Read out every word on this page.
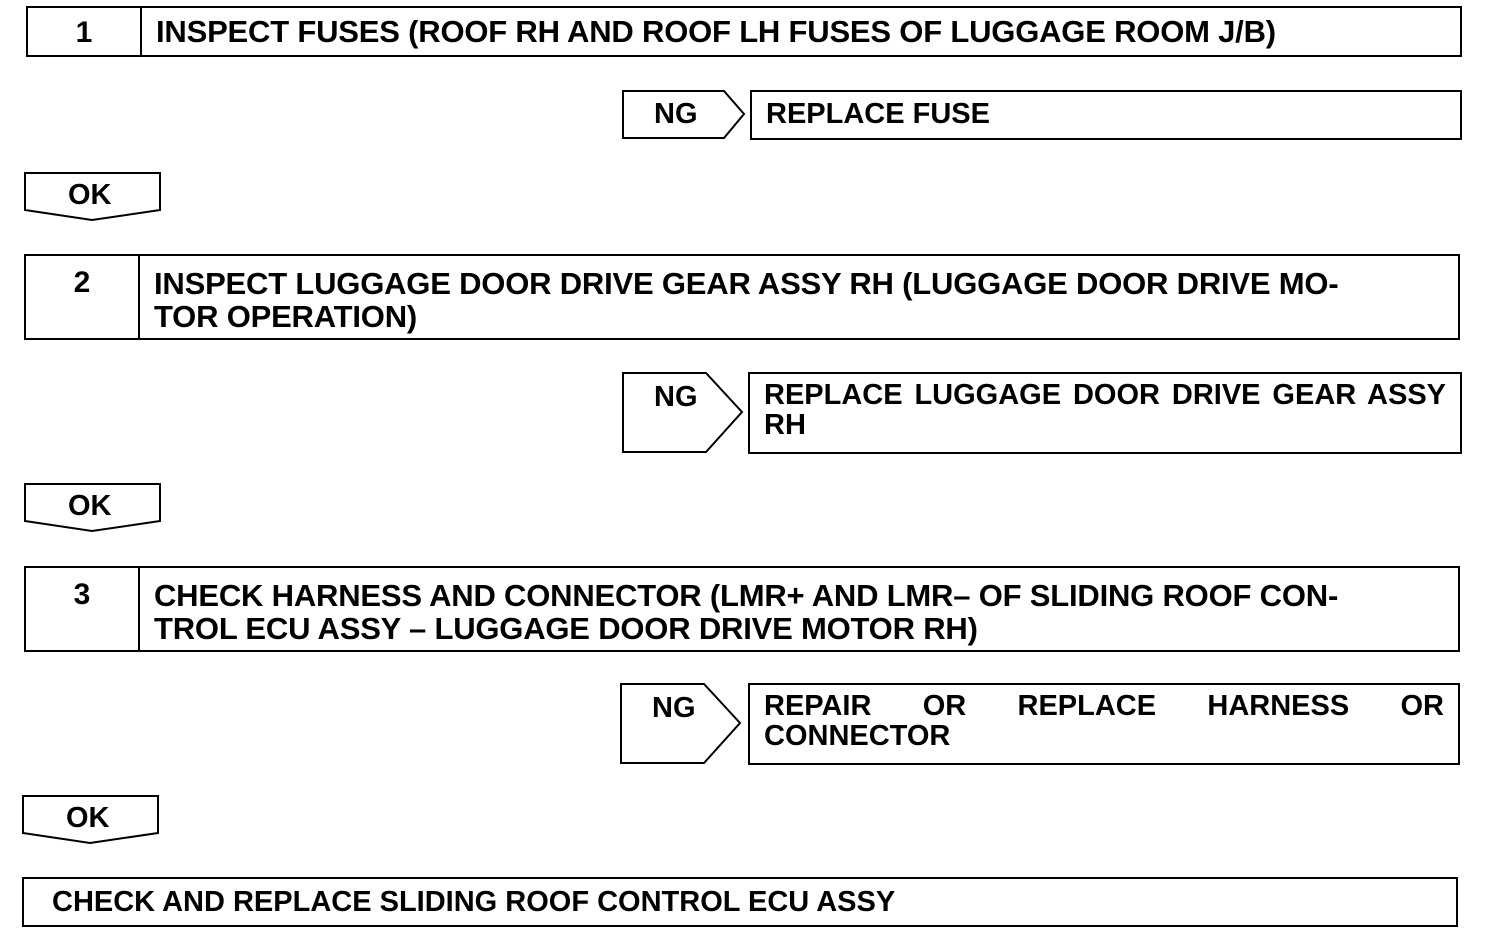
1	INSPECT FUSES (ROOF RH AND ROOF LH FUSES OF LUGGAGE ROOM J/B)
NG	REPLACE FUSE
OK
2	INSPECT LUGGAGE DOOR DRIVE GEAR ASSY RH (LUGGAGE DOOR DRIVE MO-
TOR OPERATION)
NG	REPLACE LUGGAGE DOOR DRIVE GEAR ASSY RH
OK
3	CHECK HARNESS AND CONNECTOR (LMR+ AND LMR– OF SLIDING ROOF CON-
TROL ECU ASSY – LUGGAGE DOOR DRIVE MOTOR RH)
NG	REPAIR OR REPLACE HARNESS OR CONNECTOR
OK
CHECK AND REPLACE SLIDING ROOF CONTROL ECU ASSY
